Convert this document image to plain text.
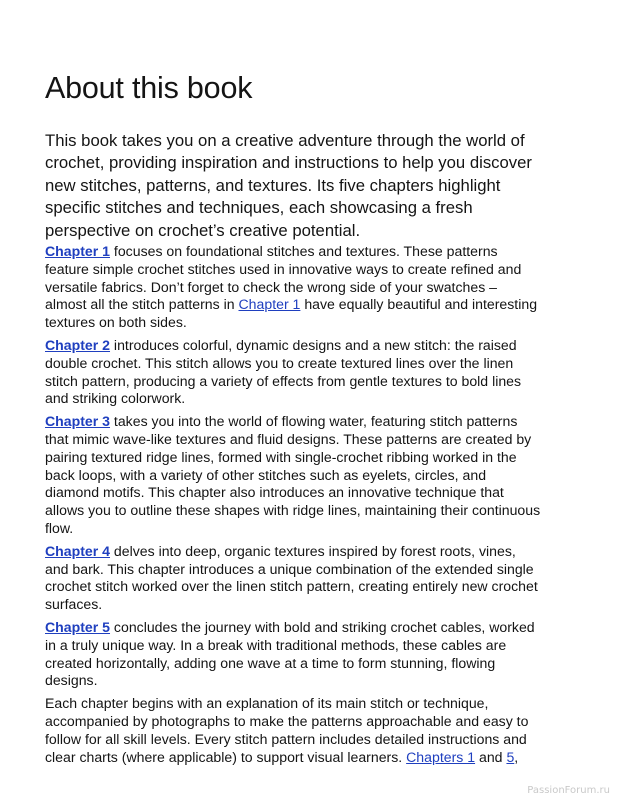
About this book

This book takes you on a creative adventure through the world of
crochet, providing inspiration and instructions to help you discover
new stitches, patterns, and textures. Its five chapters highlight
specific stitches and techniques, each showcasing a fresh
perspective on crochet’s creative potential.

Chapter 1 focuses on foundational stitches and textures. These patterns
feature simple crochet stitches used in innovative ways to create refined and
versatile fabrics. Don’t forget to check the wrong side of your swatches –
almost all the stitch patterns in Chapter 1 have equally beautiful and interesting
textures on both sides.

Chapter 2 introduces colorful, dynamic designs and a new stitch: the raised
double crochet. This stitch allows you to create textured lines over the linen
stitch pattern, producing a variety of effects from gentle textures to bold lines
and striking colorwork.

Chapter 3 takes you into the world of flowing water, featuring stitch patterns
that mimic wave-like textures and fluid designs. These patterns are created by
pairing textured ridge lines, formed with single-crochet ribbing worked in the
back loops, with a variety of other stitches such as eyelets, circles, and
diamond motifs. This chapter also introduces an innovative technique that
allows you to outline these shapes with ridge lines, maintaining their continuous
flow.

Chapter 4 delves into deep, organic textures inspired by forest roots, vines,
and bark. This chapter introduces a unique combination of the extended single
crochet stitch worked over the linen stitch pattern, creating entirely new crochet
surfaces.

Chapter 5 concludes the journey with bold and striking crochet cables, worked
in a truly unique way. In a break with traditional methods, these cables are
created horizontally, adding one wave at a time to form stunning, flowing
designs.

Each chapter begins with an explanation of its main stitch or technique,
accompanied by photographs to make the patterns approachable and easy to
follow for all skill levels. Every stitch pattern includes detailed instructions and
clear charts (where applicable) to support visual learners. Chapters 1 and 5,

PassionForum.ru
